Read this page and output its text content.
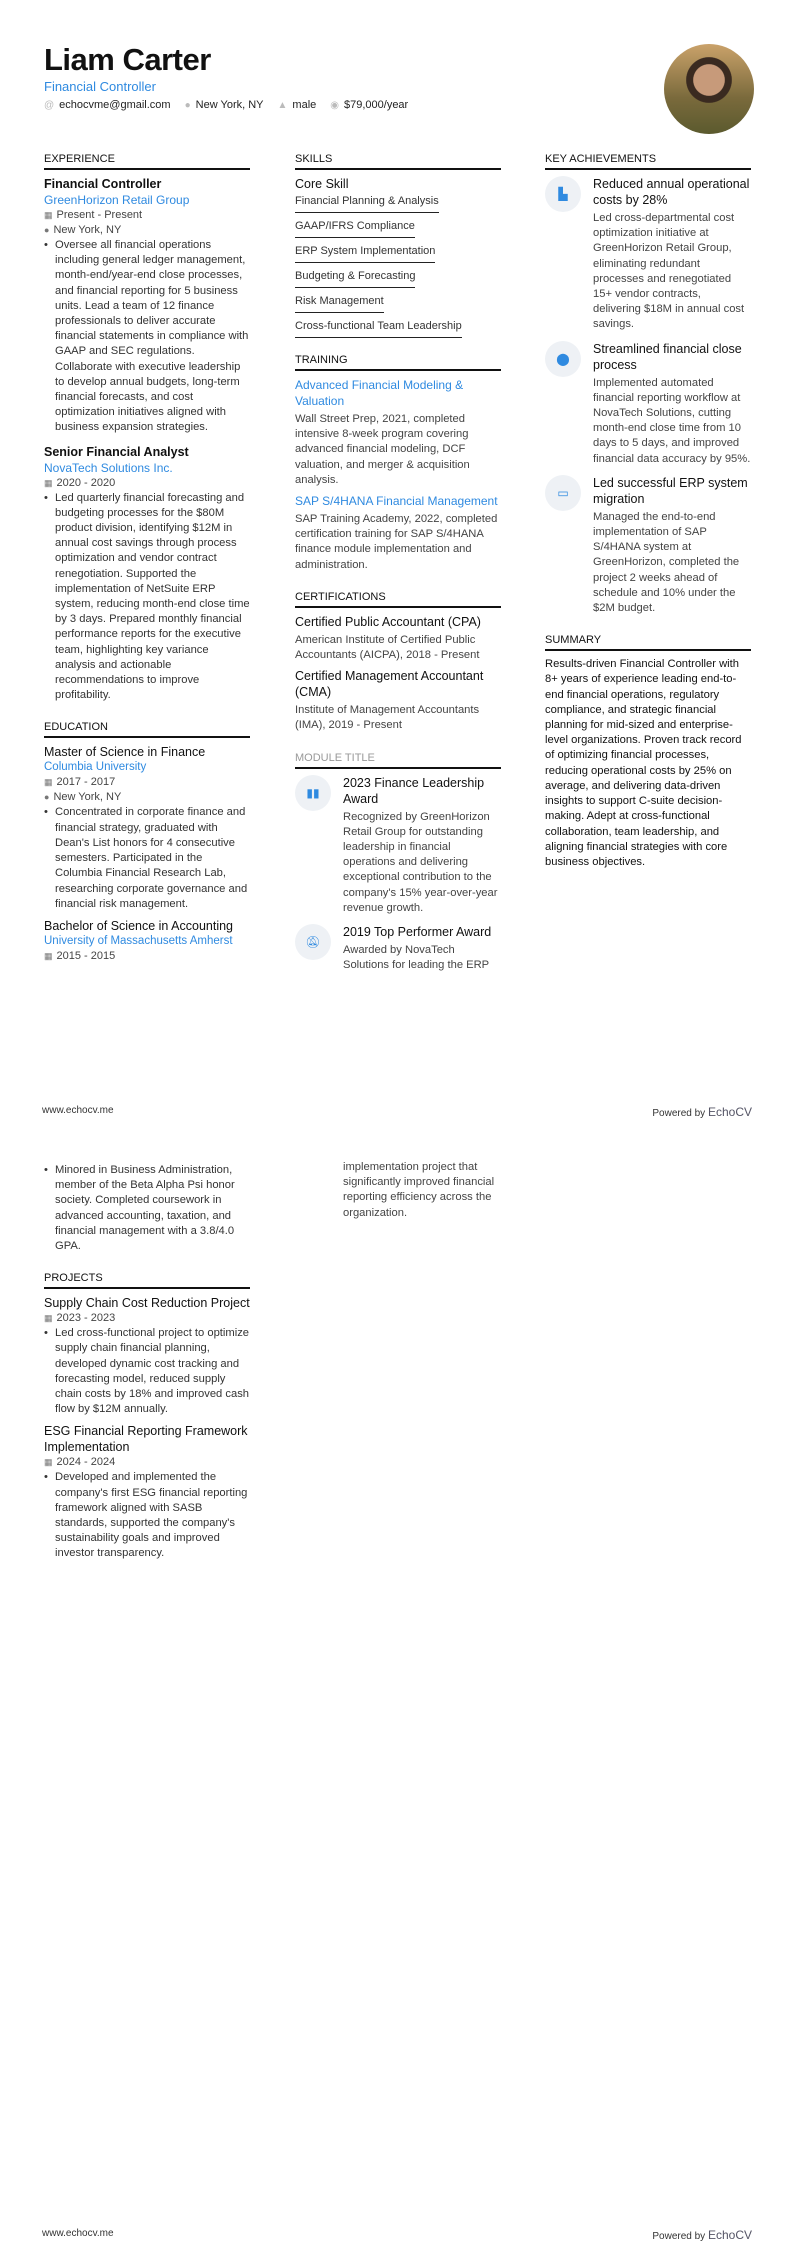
Liam Carter
Financial Controller
@ echocvme@gmail.com ● New York, NY ▲ male ◉ $79,000/year
EXPERIENCE
Financial Controller
GreenHorizon Retail Group
▦ Present - Present
● New York, NY
• Oversee all financial operations including general ledger management, month-end/year-end close processes, and financial reporting for 5 business units. Lead a team of 12 finance professionals to deliver accurate financial statements in compliance with GAAP and SEC regulations. Collaborate with executive leadership to develop annual budgets, long-term financial forecasts, and cost optimization initiatives aligned with business expansion strategies.
Senior Financial Analyst
NovaTech Solutions Inc.
▦ 2020 - 2020
• Led quarterly financial forecasting and budgeting processes for the $80M product division, identifying $12M in annual cost savings through process optimization and vendor contract renegotiation. Supported the implementation of NetSuite ERP system, reducing month-end close time by 3 days. Prepared monthly financial performance reports for the executive team, highlighting key variance analysis and actionable recommendations to improve profitability.
EDUCATION
Master of Science in Finance
Columbia University
▦ 2017 - 2017
● New York, NY
• Concentrated in corporate finance and financial strategy, graduated with Dean's List honors for 4 consecutive semesters. Participated in the Columbia Financial Research Lab, researching corporate governance and financial risk management.
Bachelor of Science in Accounting
University of Massachusetts Amherst
▦ 2015 - 2015
SKILLS
Core Skill
Financial Planning & Analysis
GAAP/IFRS Compliance
ERP System Implementation
Budgeting & Forecasting
Risk Management
Cross-functional Team Leadership
TRAINING
Advanced Financial Modeling & Valuation
Wall Street Prep, 2021, completed intensive 8-week program covering advanced financial modeling, DCF valuation, and merger & acquisition analysis.
SAP S/4HANA Financial Management
SAP Training Academy, 2022, completed certification training for SAP S/4HANA finance module implementation and administration.
CERTIFICATIONS
Certified Public Accountant (CPA)
American Institute of Certified Public Accountants (AICPA), 2018 - Present
Certified Management Accountant (CMA)
Institute of Management Accountants (IMA), 2019 - Present
MODULE TITLE
▮▮
2023 Finance Leadership Award
Recognized by GreenHorizon Retail Group for outstanding leadership in financial operations and delivering exceptional contribution to the company's 15% year-over-year revenue growth.
🔕︎
2019 Top Performer Award
Awarded by NovaTech Solutions for leading the ERP
KEY ACHIEVEMENTS
▙
Reduced annual operational costs by 28%
Led cross-departmental cost optimization initiative at GreenHorizon Retail Group, eliminating redundant processes and renegotiated 15+ vendor contracts, delivering $18M in annual cost savings.
⬤
Streamlined financial close process
Implemented automated financial reporting workflow at NovaTech Solutions, cutting month-end close time from 10 days to 5 days, and improved financial data accuracy by 95%.
▭
Led successful ERP system migration
Managed the end-to-end implementation of SAP S/4HANA system at GreenHorizon, completed the project 2 weeks ahead of schedule and 10% under the $2M budget.
SUMMARY
Results-driven Financial Controller with 8+ years of experience leading end-to-end financial operations, regulatory compliance, and strategic financial planning for mid-sized and enterprise-level organizations. Proven track record of optimizing financial processes, reducing operational costs by 25% on average, and delivering data-driven insights to support C-suite decision-making. Adept at cross-functional collaboration, team leadership, and aligning financial strategies with core business objectives.
www.echocv.me	Powered by EchoCV
• Minored in Business Administration, member of the Beta Alpha Psi honor society. Completed coursework in advanced accounting, taxation, and financial management with a 3.8/4.0 GPA.
PROJECTS
Supply Chain Cost Reduction Project
▦ 2023 - 2023
• Led cross-functional project to optimize supply chain financial planning, developed dynamic cost tracking and forecasting model, reduced supply chain costs by 18% and improved cash flow by $12M annually.
ESG Financial Reporting Framework Implementation
▦ 2024 - 2024
• Developed and implemented the company's first ESG financial reporting framework aligned with SASB standards, supported the company's sustainability goals and improved investor transparency.
implementation project that significantly improved financial reporting efficiency across the organization.
www.echocv.me	Powered by EchoCV
